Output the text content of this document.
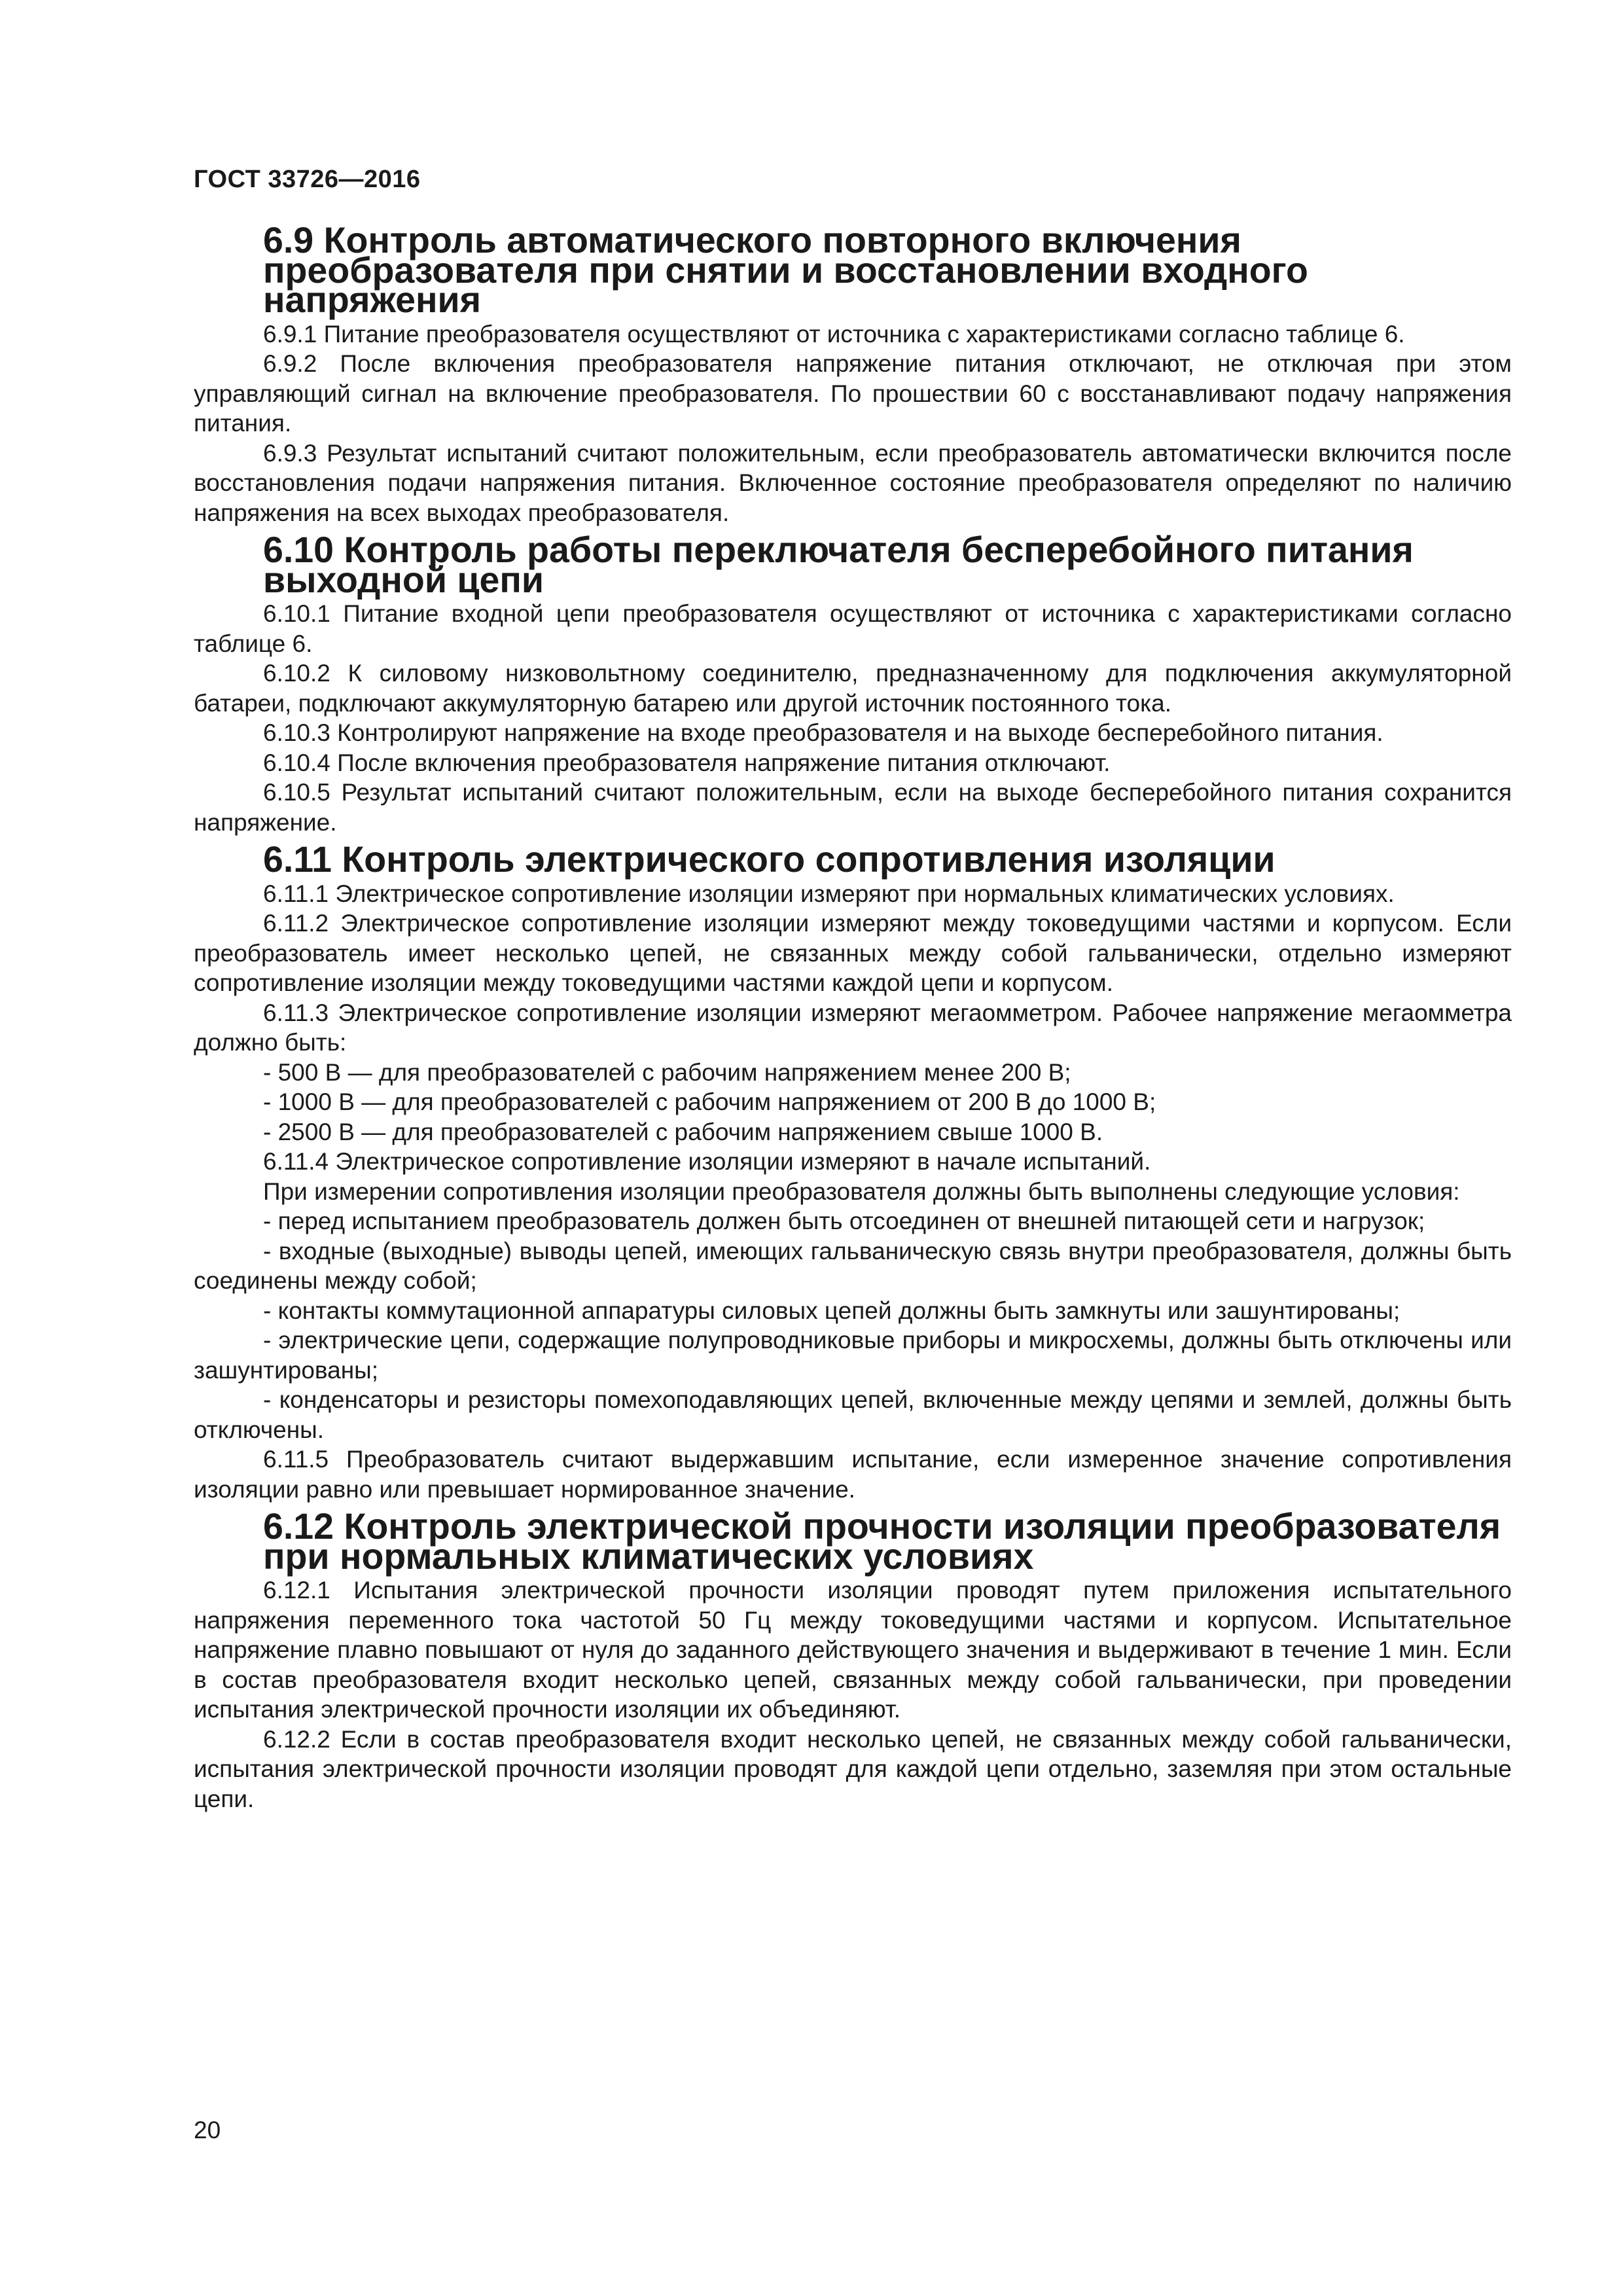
ГОСТ 33726—2016
6.9 Контроль автоматического повторного включения преобразователя при снятии и восстановлении входного напряжения

6.9.1 Питание преобразователя осуществляют от источника с характеристиками согласно таблице 6.

6.9.2 После включения преобразователя напряжение питания отключают, не отключая при этом управляющий сигнал на включение преобразователя. По прошествии 60 с восстанавливают подачу напряжения питания.

6.9.3 Результат испытаний считают положительным, если преобразователь автоматически включится после восстановления подачи напряжения питания. Включенное состояние преобразователя определяют по наличию напряжения на всех выходах преобразователя.

6.10 Контроль работы переключателя бесперебойного питания выходной цепи

6.10.1 Питание входной цепи преобразователя осуществляют от источника с характеристиками согласно таблице 6.

6.10.2 К силовому низковольтному соединителю, предназначенному для подключения аккумуляторной батареи, подключают аккумуляторную батарею или другой источник постоянного тока.

6.10.3 Контролируют напряжение на входе преобразователя и на выходе бесперебойного питания.

6.10.4 После включения преобразователя напряжение питания отключают.

6.10.5 Результат испытаний считают положительным, если на выходе бесперебойного питания сохранится напряжение.

6.11 Контроль электрического сопротивления изоляции

6.11.1 Электрическое сопротивление изоляции измеряют при нормальных климатических условиях.

6.11.2 Электрическое сопротивление изоляции измеряют между токоведущими частями и корпусом. Если преобразователь имеет несколько цепей, не связанных между собой гальванически, отдельно измеряют сопротивление изоляции между токоведущими частями каждой цепи и корпусом.

6.11.3 Электрическое сопротивление изоляции измеряют мегаомметром. Рабочее напряжение мегаомметра должно быть:

- 500 В — для преобразователей с рабочим напряжением менее 200 В;

- 1000 В — для преобразователей с рабочим напряжением от 200 В до 1000 В;

- 2500 В — для преобразователей с рабочим напряжением свыше 1000 В.

6.11.4 Электрическое сопротивление изоляции измеряют в начале испытаний.

При измерении сопротивления изоляции преобразователя должны быть выполнены следующие условия:

- перед испытанием преобразователь должен быть отсоединен от внешней питающей сети и нагрузок;

- входные (выходные) выводы цепей, имеющих гальваническую связь внутри преобразователя, должны быть соединены между собой;

- контакты коммутационной аппаратуры силовых цепей должны быть замкнуты или зашунтированы;

- электрические цепи, содержащие полупроводниковые приборы и микросхемы, должны быть отключены или зашунтированы;

- конденсаторы и резисторы помехоподавляющих цепей, включенные между цепями и землей, должны быть отключены.

6.11.5 Преобразователь считают выдержавшим испытание, если измеренное значение сопротивления изоляции равно или превышает нормированное значение.

6.12 Контроль электрической прочности изоляции преобразователя при нормальных климатических условиях

6.12.1 Испытания электрической прочности изоляции проводят путем приложения испытательного напряжения переменного тока частотой 50 Гц между токоведущими частями и корпусом. Испытательное напряжение плавно повышают от нуля до заданного действующего значения и выдерживают в течение 1 мин. Если в состав преобразователя входит несколько цепей, связанных между собой гальванически, при проведении испытания электрической прочности изоляции их объединяют.

6.12.2 Если в состав преобразователя входит несколько цепей, не связанных между собой гальванически, испытания электрической прочности изоляции проводят для каждой цепи отдельно, заземляя при этом остальные цепи.

20
